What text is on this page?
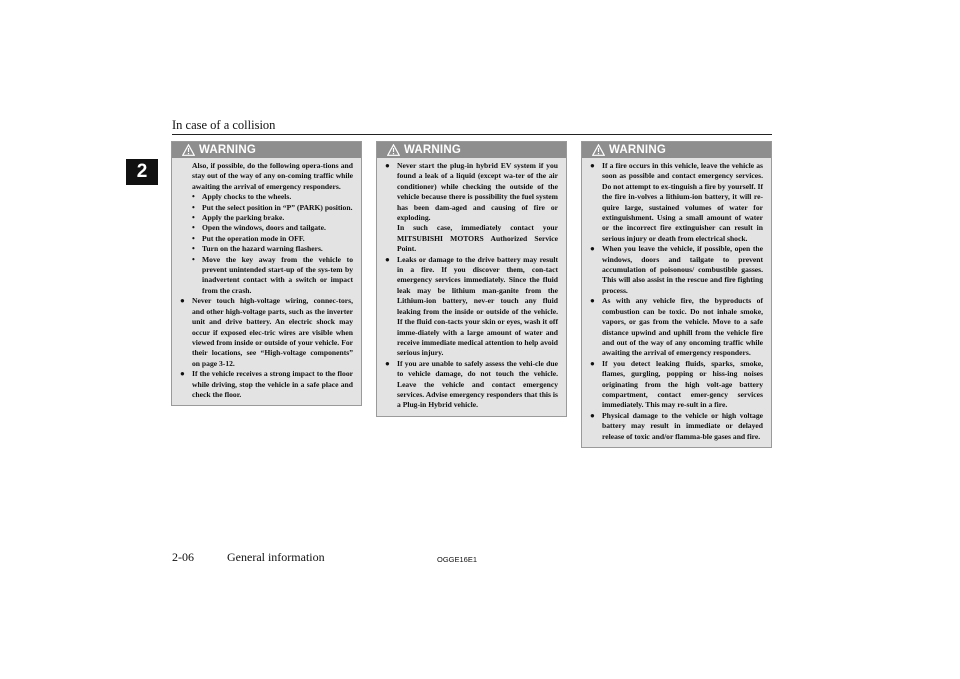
In case of a collision
2
WARNING

Also, if possible, do the following opera-tions and stay out of the way of any on-coming traffic while awaiting the arrival of emergency responders.

• Apply chocks to the wheels.

• Put the select position in “P” (PARK) position.

• Apply the parking brake.

• Open the windows, doors and tailgate.

• Put the operation mode in OFF.

• Turn on the hazard warning flashers.

• Move the key away from the vehicle to prevent unintended start-up of the sys-tem by inadvertent contact with a switch or impact from the crash.

● Never touch high-voltage wiring, connec-tors, and other high-voltage parts, such as the inverter unit and drive battery. An electric shock may occur if exposed elec-tric wires are visible when viewed from inside or outside of your vehicle. For their locations, see “High-voltage components” on page 3-12.

● If the vehicle receives a strong impact to the floor while driving, stop the vehicle in a safe place and check the floor.

WARNING

● Never start the plug-in hybrid EV system if you found a leak of a liquid (except wa-ter of the air conditioner) while checking the outside of the vehicle because there is possibility the fuel system has been dam-aged and causing of fire or exploding.

In such case, immediately contact your MITSUBISHI MOTORS Authorized Service Point.

● Leaks or damage to the drive battery may result in a fire. If you discover them, con-tact emergency services immediately. Since the fluid leak may be lithium man-ganite from the Lithium-ion battery, nev-er touch any fluid leaking from the inside or outside of the vehicle. If the fluid con-tacts your skin or eyes, wash it off imme-diately with a large amount of water and receive immediate medical attention to help avoid serious injury.

● If you are unable to safely assess the vehi-cle due to vehicle damage, do not touch the vehicle. Leave the vehicle and contact emergency services. Advise emergency responders that this is a Plug-in Hybrid vehicle.

WARNING

● If a fire occurs in this vehicle, leave the vehicle as soon as possible and contact emergency services. Do not attempt to ex-tinguish a fire by yourself. If the fire in-volves a lithium-ion battery, it will re-quire large, sustained volumes of water for extinguishment. Using a small amount of water or the incorrect fire extinguisher can result in serious injury or death from electrical shock.

● When you leave the vehicle, if possible, open the windows, doors and tailgate to prevent accumulation of poisonous/ combustible gasses. This will also assist in the rescue and fire fighting process.

● As with any vehicle fire, the byproducts of combustion can be toxic. Do not inhale smoke, vapors, or gas from the vehicle. Move to a safe distance upwind and uphill from the vehicle fire and out of the way of any oncoming traffic while awaiting the arrival of emergency responders.

● If you detect leaking fluids, sparks, smoke, flames, gurgling, popping or hiss-ing noises originating from the high volt-age battery compartment, contact emer-gency services immediately. This may re-sult in a fire.

● Physical damage to the vehicle or high voltage battery may result in immediate or delayed release of toxic and/or flamma-ble gases and fire.

2-06	General information	OGGE16E1
